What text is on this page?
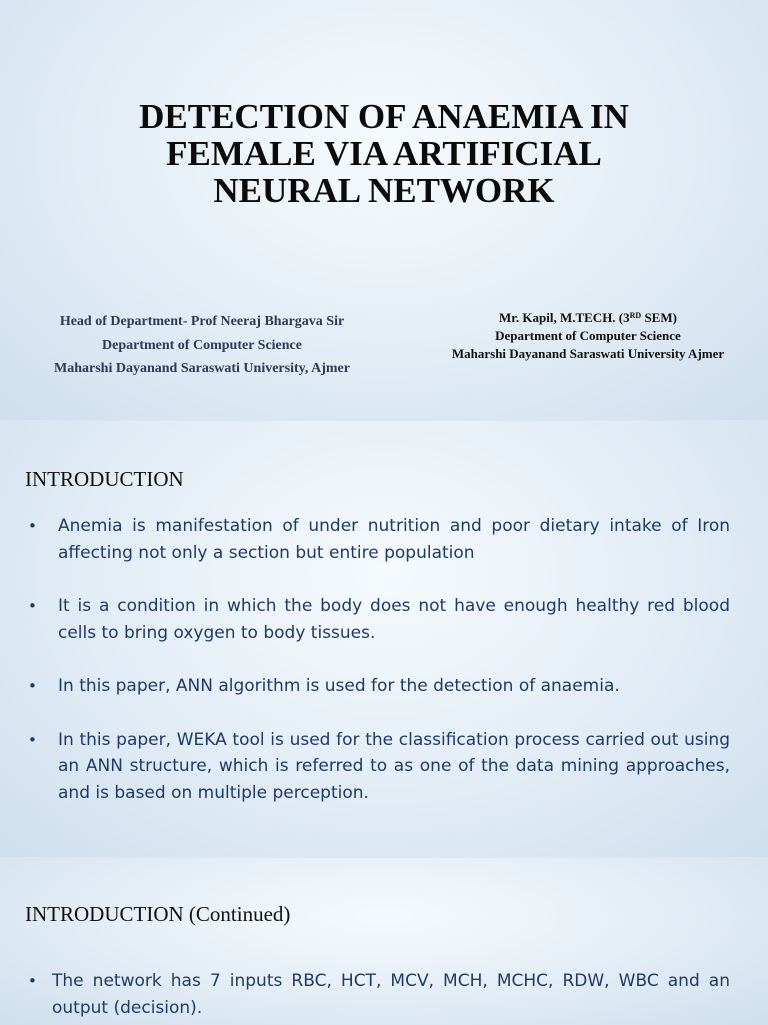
DETECTION OF ANAEMIA IN
FEMALE VIA ARTIFICIAL
NEURAL NETWORK
Head of Department- Prof Neeraj Bhargava Sir
Department of Computer Science
Maharshi Dayanand Saraswati University, Ajmer
Mr. Kapil, M.TECH. (3RD SEM)
Department of Computer Science
Maharshi Dayanand Saraswati University Ajmer
INTRODUCTION
• Anemia is manifestation of under nutrition and poor dietary intake of Iron affecting not only a section but entire population
• It is a condition in which the body does not have enough healthy red blood cells to bring oxygen to body tissues.
• In this paper, ANN algorithm is used for the detection of anaemia.
• In this paper, WEKA tool is used for the classification process carried out using an ANN structure, which is referred to as one of the data mining approaches, and is based on multiple perception.
INTRODUCTION (Continued)
• The network has 7 inputs RBC, HCT, MCV, MCH, MCHC, RDW, WBC and an output (decision).
